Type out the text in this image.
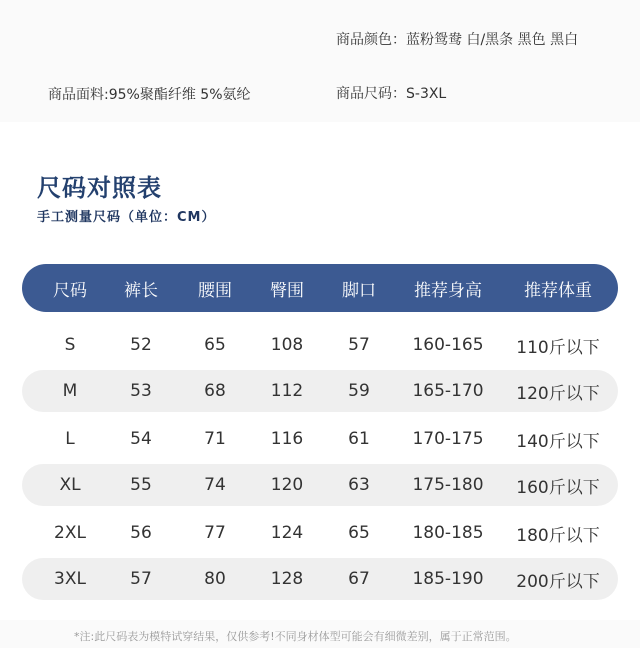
商品颜色：蓝粉鸳鸯 白/黑条 黑色 黑白
商品面料:95%聚酯纤维 5%氨纶	商品尺码：S-3XL
尺码对照表
手工测量尺码（单位：CM）
尺码	裤长	腰围	臀围	脚口	推荐身高	推荐体重
S	52	65	108	57	160-165	110斤以下
M	53	68	112	59	165-170	120斤以下
L	54	71	116	61	170-175	140斤以下
XL	55	74	120	63	175-180	160斤以下
2XL	56	77	124	65	180-185	180斤以下
3XL	57	80	128	67	185-190	200斤以下
*注:此尺码表为模特试穿结果，仅供参考!不同身材体型可能会有细微差别，属于正常范围。
